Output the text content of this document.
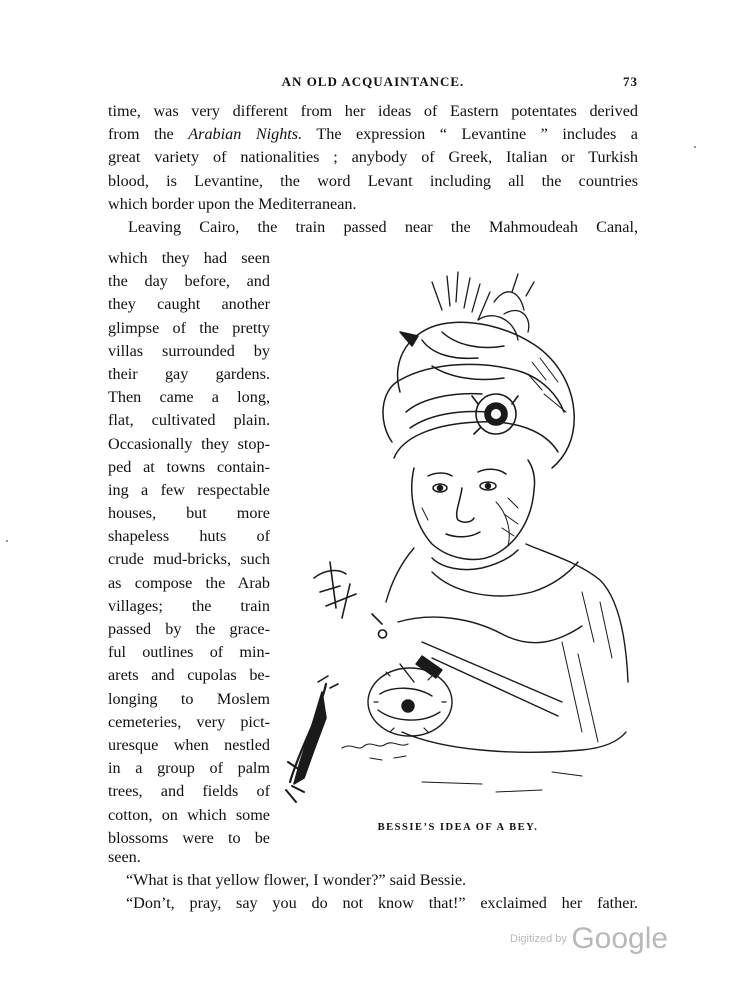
AN OLD ACQUAINTANCE.	73
time, was very different from her ideas of Eastern potentates derived
from the Arabian Nights. The expression “ Levantine ” includes a
great variety of nationalities ; anybody of Greek, Italian or Turkish
blood, is Levantine, the word Levant including all the countries
which border upon the Mediterranean.
Leaving Cairo, the train passed near the Mahmoudeah Canal,
which they had seen
the day before, and
they caught another
glimpse of the pretty
villas surrounded by
their gay gardens.
Then came a long,
flat, cultivated plain.
Occasionally they stop-
ped at towns contain-
ing a few respectable
houses, but more
shapeless huts of
crude mud-bricks, such
as compose the Arab
villages; the train
passed by the grace-
ful outlines of min-
arets and cupolas be-
longing to Moslem
cemeteries, very pict-
uresque when nestled
in a group of palm
trees, and fields of
cotton, on which some
blossoms were to be
BESSIE’S IDEA OF A BEY.
seen.
“What is that yellow flower, I wonder?” said Bessie.
“Don’t, pray, say you do not know that!” exclaimed her father.
Digitized by Google
